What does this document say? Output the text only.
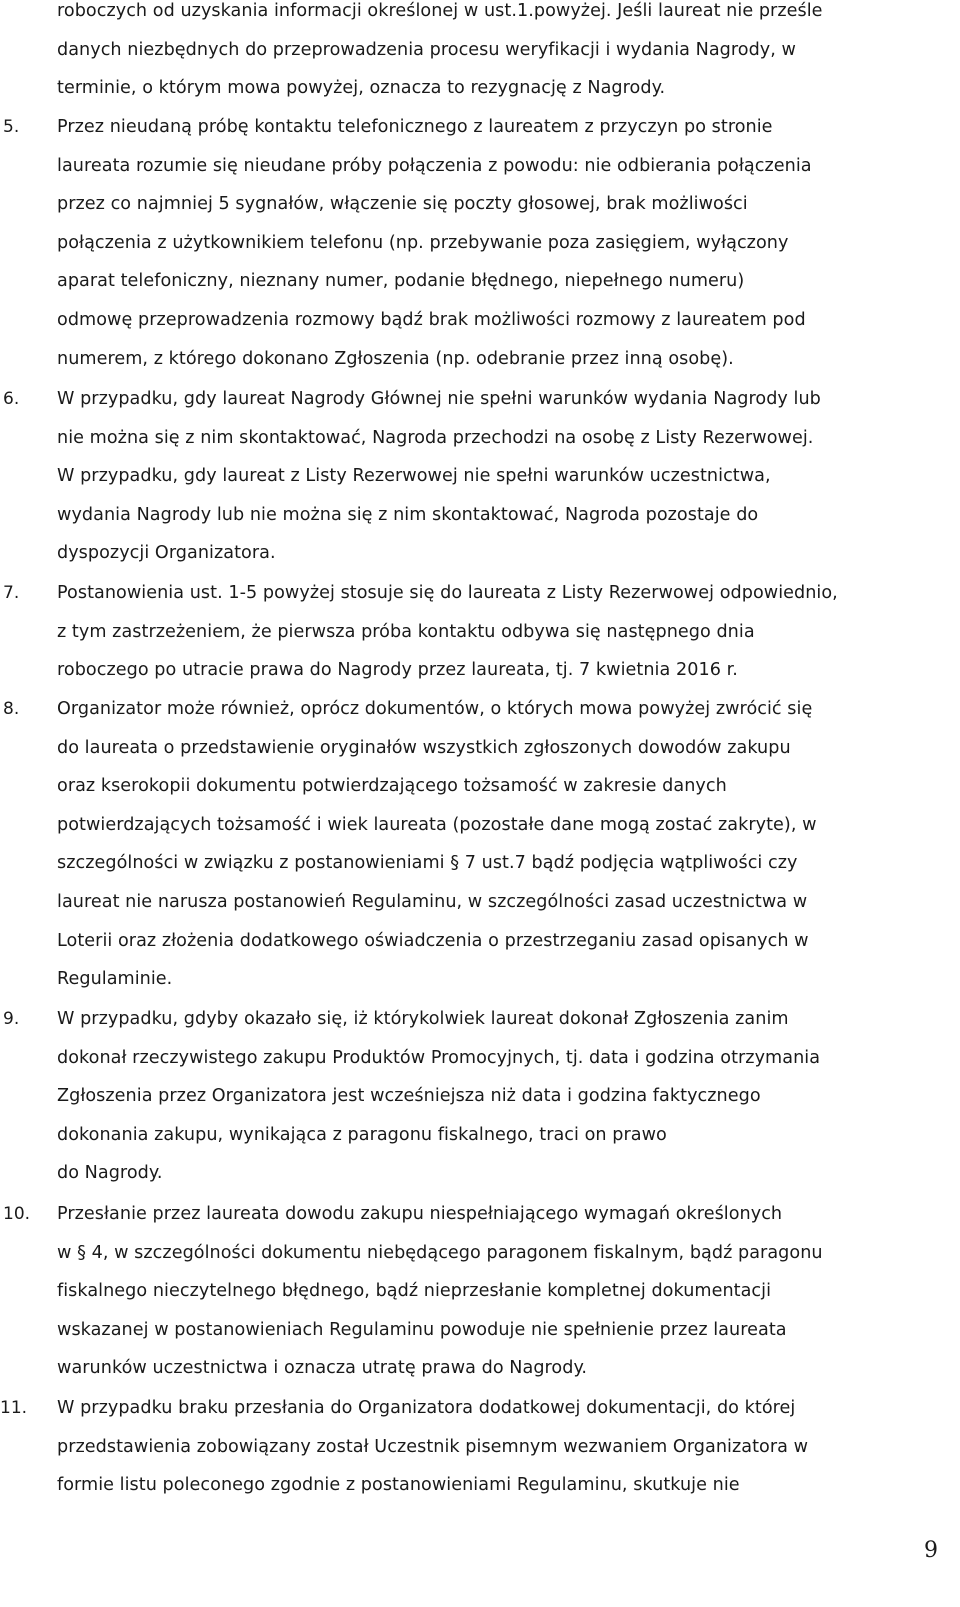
roboczych od uzyskania informacji określonej w ust.1.powyżej. Jeśli laureat nie prześle
danych niezbędnych do przeprowadzenia procesu weryfikacji i wydania Nagrody, w
terminie, o którym mowa powyżej, oznacza to rezygnację z Nagrody.
5. Przez nieudaną próbę kontaktu telefonicznego z laureatem z przyczyn po stronie
laureata rozumie się nieudane próby połączenia z powodu: nie odbierania połączenia
przez co najmniej 5 sygnałów, włączenie się poczty głosowej, brak możliwości
połączenia z użytkownikiem telefonu (np. przebywanie poza zasięgiem, wyłączony
aparat telefoniczny, nieznany numer, podanie błędnego, niepełnego numeru)
odmowę przeprowadzenia rozmowy bądź brak możliwości rozmowy z laureatem pod
numerem, z którego dokonano Zgłoszenia (np. odebranie przez inną osobę).
6. W przypadku, gdy laureat Nagrody Głównej nie spełni warunków wydania Nagrody lub
nie można się z nim skontaktować, Nagroda przechodzi na osobę z Listy Rezerwowej.
W przypadku, gdy laureat z Listy Rezerwowej nie spełni warunków uczestnictwa,
wydania Nagrody lub nie można się z nim skontaktować, Nagroda pozostaje do
dyspozycji Organizatora.
7. Postanowienia ust. 1-5 powyżej stosuje się do laureata z Listy Rezerwowej odpowiednio,
z tym zastrzeżeniem, że pierwsza próba kontaktu odbywa się następnego dnia
roboczego po utracie prawa do Nagrody przez laureata, tj. 7 kwietnia 2016 r.
8. Organizator może również, oprócz dokumentów, o których mowa powyżej zwrócić się
do laureata o przedstawienie oryginałów wszystkich zgłoszonych dowodów zakupu
oraz kserokopii dokumentu potwierdzającego tożsamość w zakresie danych
potwierdzających tożsamość i wiek laureata (pozostałe dane mogą zostać zakryte), w
szczególności w związku z postanowieniami § 7 ust.7 bądź podjęcia wątpliwości czy
laureat nie narusza postanowień Regulaminu, w szczególności zasad uczestnictwa w
Loterii oraz złożenia dodatkowego oświadczenia o przestrzeganiu zasad opisanych w
Regulaminie.
9. W przypadku, gdyby okazało się, iż którykolwiek laureat dokonał Zgłoszenia zanim
dokonał rzeczywistego zakupu Produktów Promocyjnych, tj. data i godzina otrzymania
Zgłoszenia przez Organizatora jest wcześniejsza niż data i godzina faktycznego
dokonania zakupu, wynikająca z paragonu fiskalnego, traci on prawo
do Nagrody.
10. Przesłanie przez laureata dowodu zakupu niespełniającego wymagań określonych
w § 4, w szczególności dokumentu niebędącego paragonem fiskalnym, bądź paragonu
fiskalnego nieczytelnego błędnego, bądź nieprzesłanie kompletnej dokumentacji
wskazanej w postanowieniach Regulaminu powoduje nie spełnienie przez laureata
warunków uczestnictwa i oznacza utratę prawa do Nagrody.
11. W przypadku braku przesłania do Organizatora dodatkowej dokumentacji, do której
przedstawienia zobowiązany został Uczestnik pisemnym wezwaniem Organizatora w
formie listu poleconego zgodnie z postanowieniami Regulaminu, skutkuje nie
9
